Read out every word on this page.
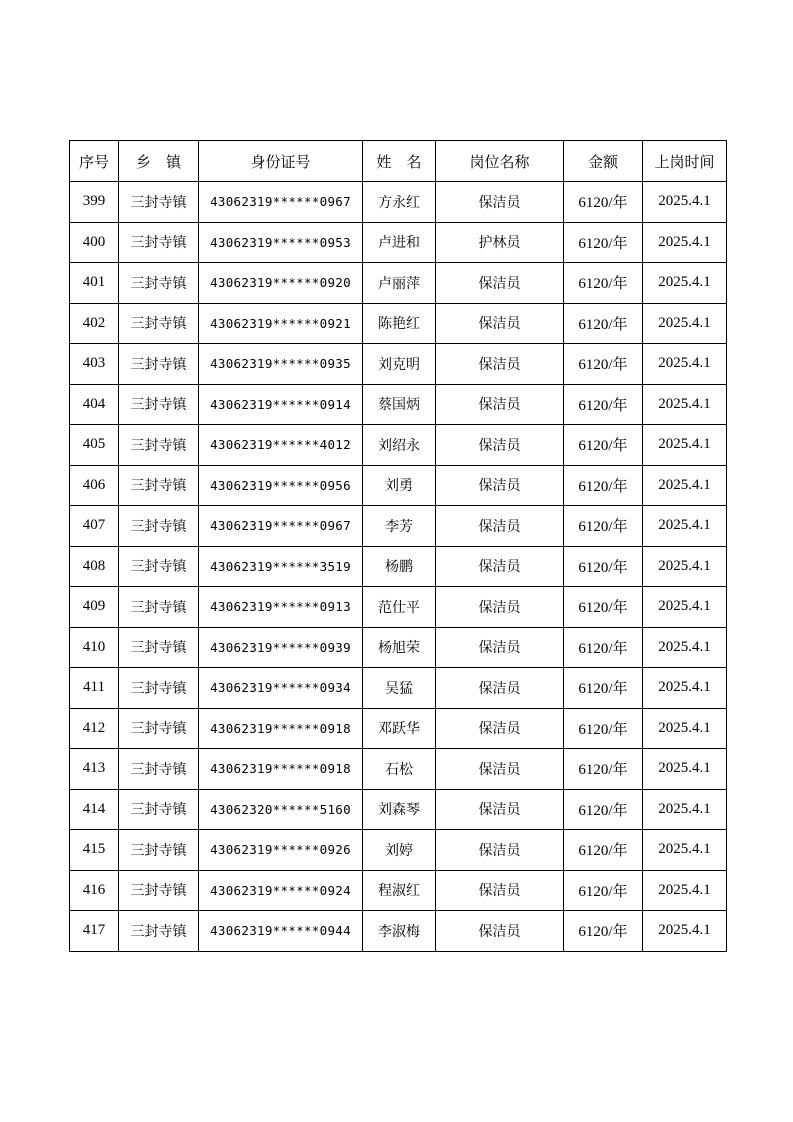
序号	乡　镇	身份证号	姓　名	岗位名称	金额	上岗时间
399	三封寺镇	43062319******0967	方永红	保洁员	6120/年	2025.4.1
400	三封寺镇	43062319******0953	卢进和	护林员	6120/年	2025.4.1
401	三封寺镇	43062319******0920	卢丽萍	保洁员	6120/年	2025.4.1
402	三封寺镇	43062319******0921	陈艳红	保洁员	6120/年	2025.4.1
403	三封寺镇	43062319******0935	刘克明	保洁员	6120/年	2025.4.1
404	三封寺镇	43062319******0914	蔡国炳	保洁员	6120/年	2025.4.1
405	三封寺镇	43062319******4012	刘绍永	保洁员	6120/年	2025.4.1
406	三封寺镇	43062319******0956	刘勇	保洁员	6120/年	2025.4.1
407	三封寺镇	43062319******0967	李芳	保洁员	6120/年	2025.4.1
408	三封寺镇	43062319******3519	杨鹏	保洁员	6120/年	2025.4.1
409	三封寺镇	43062319******0913	范仕平	保洁员	6120/年	2025.4.1
410	三封寺镇	43062319******0939	杨旭荣	保洁员	6120/年	2025.4.1
411	三封寺镇	43062319******0934	吴猛	保洁员	6120/年	2025.4.1
412	三封寺镇	43062319******0918	邓跃华	保洁员	6120/年	2025.4.1
413	三封寺镇	43062319******0918	石松	保洁员	6120/年	2025.4.1
414	三封寺镇	43062320******5160	刘森琴	保洁员	6120/年	2025.4.1
415	三封寺镇	43062319******0926	刘婷	保洁员	6120/年	2025.4.1
416	三封寺镇	43062319******0924	程淑红	保洁员	6120/年	2025.4.1
417	三封寺镇	43062319******0944	李淑梅	保洁员	6120/年	2025.4.1
